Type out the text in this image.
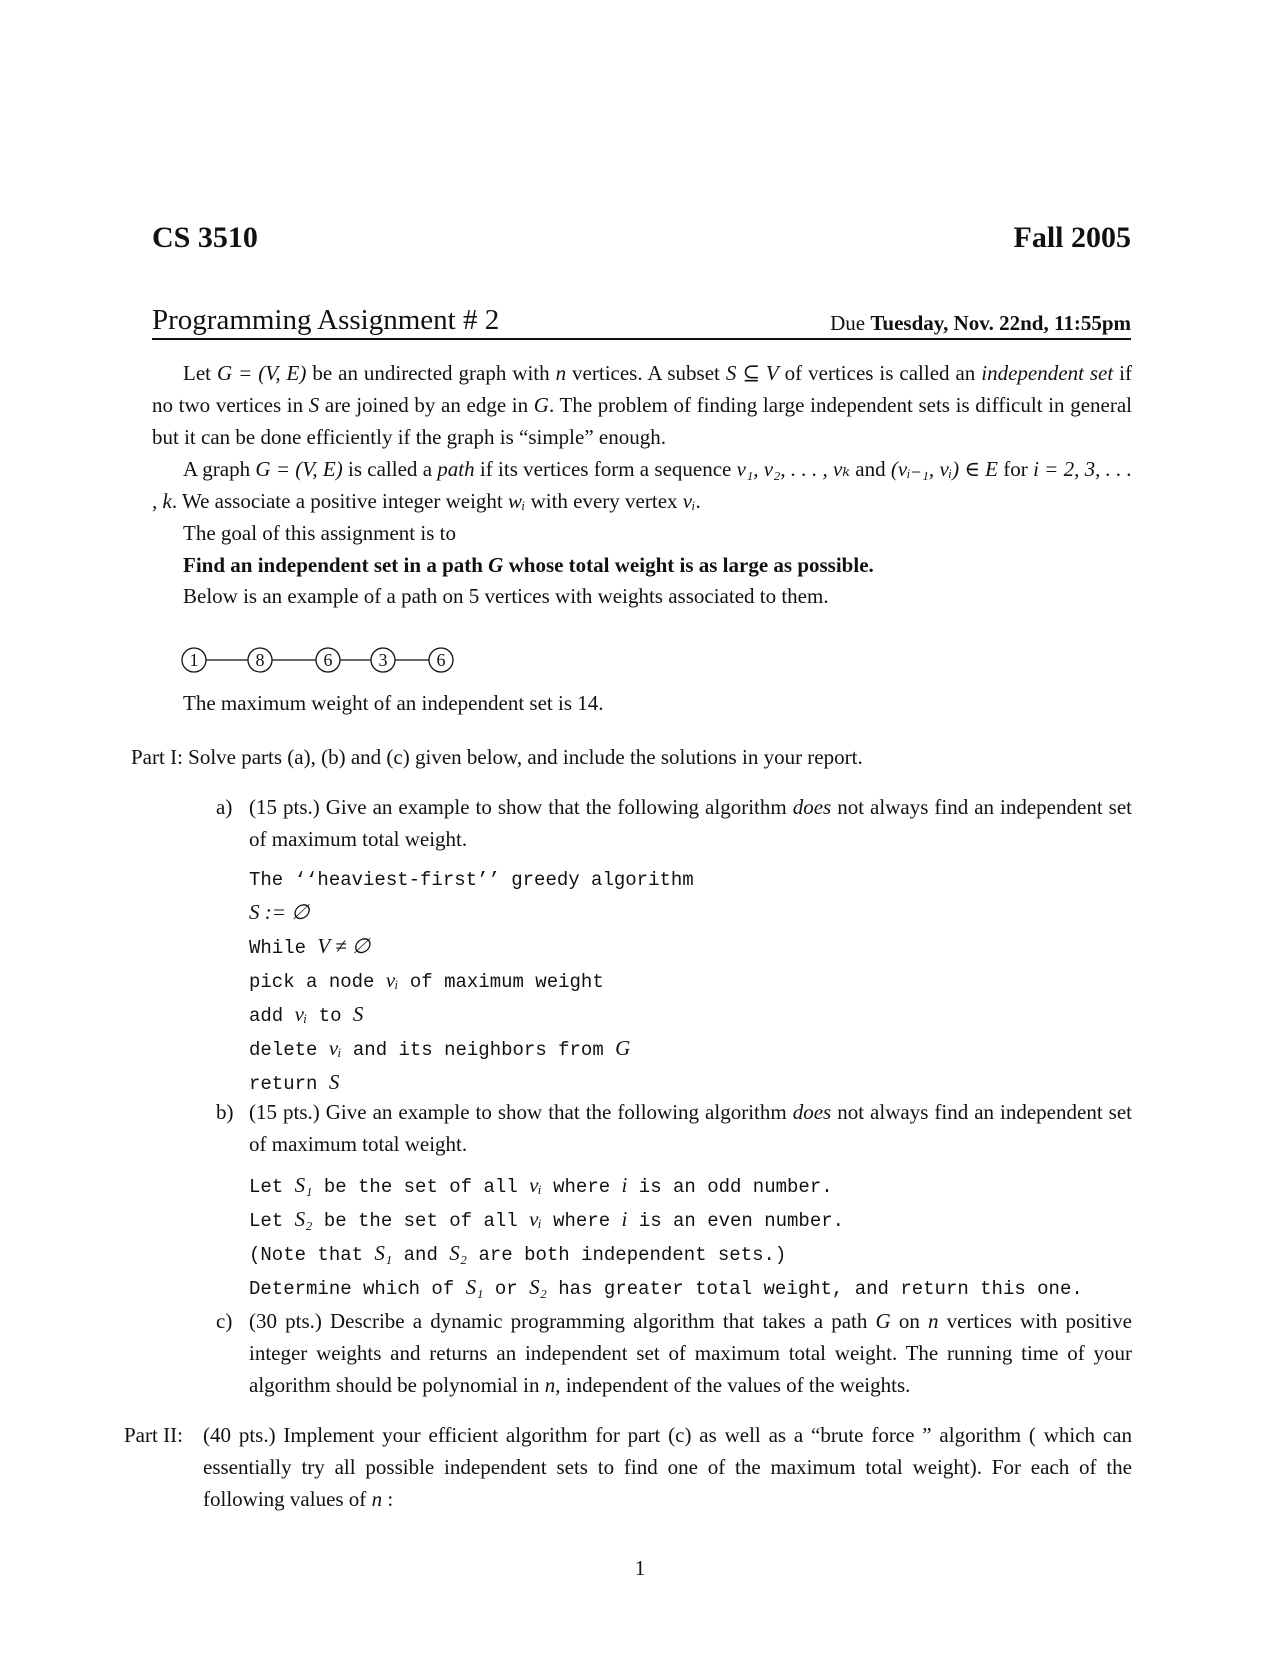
CS 3510	Fall 2005
Programming Assignment # 2	Due Tuesday, Nov. 22nd, 11:55pm
Let G = (V, E) be an undirected graph with n vertices. A subset S ⊆ V of vertices is called an independent set if no two vertices in S are joined by an edge in G. The problem of finding large independent sets is difficult in general but it can be done efficiently if the graph is “simple” enough.
A graph G = (V, E) is called a path if its vertices form a sequence v₁, v₂, . . . , vₖ and (vᵢ₋₁, vᵢ) ∈ E for i = 2, 3, . . . , k. We associate a positive integer weight wᵢ with every vertex vᵢ.
The goal of this assignment is to
Find an independent set in a path G whose total weight is as large as possible.
Below is an example of a path on 5 vertices with weights associated to them.
1	8	6	3	6
The maximum weight of an independent set is 14.
Part I: Solve parts (a), (b) and (c) given below, and include the solutions in your report.
a) (15 pts.) Give an example to show that the following algorithm does not always find an independent set of maximum total weight.
The ‘‘heaviest-first’’ greedy algorithm
S := ∅
While V ≠ ∅
pick a node vᵢ of maximum weight
add vᵢ to S
delete vᵢ and its neighbors from G
return S
b) (15 pts.) Give an example to show that the following algorithm does not always find an independent set of maximum total weight.
Let S₁ be the set of all vᵢ where i is an odd number.
Let S₂ be the set of all vᵢ where i is an even number.
(Note that S₁ and S₂ are both independent sets.)
Determine which of S₁ or S₂ has greater total weight, and return this one.
c) (30 pts.) Describe a dynamic programming algorithm that takes a path G on n vertices with positive integer weights and returns an independent set of maximum total weight. The running time of your algorithm should be polynomial in n, independent of the values of the weights.
Part II: (40 pts.) Implement your efficient algorithm for part (c) as well as a “brute force ” algorithm ( which can essentially try all possible independent sets to find one of the maximum total weight). For each of the following values of n :
1
